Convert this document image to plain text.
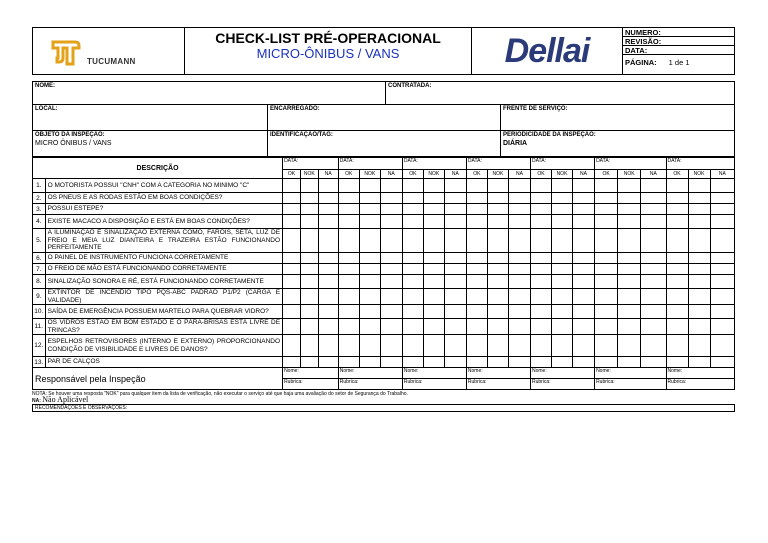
TUCUMANN
CHECK-LIST PRÉ-OPERACIONAL
MICRO-ÔNIBUS / VANS	Dellai	NUMERO:
REVISÃO:
DATA:
PÁGINA: 1 de 1
NOME:	CONTRATADA:
LOCAL:	ENCARREGADO:	FRENTE DE SERVIÇO:
OBJETO DA INSPEÇÃO:
MICRO ÔNIBUS / VANS
IDENTIFICAÇÃO/TAG:	PERIODICIDADE DA INSPEÇÃO:
DIÁRIA
DESCRIÇÃO		DATA:			DATA:			DATA:			DATA:			DATA:			DATA:			DATA:		
		OK	NOK	NA	OK	NOK	NA	OK	NOK	NA	OK	NOK	NA	OK	NOK	NA	OK	NOK	NA	OK	NOK	NA
1.	O MOTORISTA POSSUI "CNH" COM A CATEGORIA NO MINIMO "C"																					
2.	OS PNEUS E AS RODAS ESTÃO EM BOAS CONDIÇÕES?																					
3.	POSSUI ESTEPE?																					
4.	EXISTE MACACO A DISPOSIÇÃO E ESTÁ EM BOAS CONDIÇÕES?																					
5.	A ILUMINAÇÃO E SINALIZAÇÃO EXTERNA COMO, FARÓIS, SETA, LUZ DE FREIO E MEIA LUZ DIANTEIRA E TRAZEIRA ESTÃO FUNCIONANDO PERFEITAMENTE																					
6.	O PAINEL DE INSTRUMENTO FUNCIONA CORRETAMENTE																					
7.	O FREIO DE MÃO ESTÁ FUNCIONANDO CORRETAMENTE																					
8.	SINALIZAÇÃO SONORA E RÉ, ESTÁ FUNCIONANDO CORRETAMENTE																					
9.	EXTINTOR DE INCÊNDIO TIPO PQS-ABC PADRÃO P1/P2 (CARGA E VALIDADE)																					
10.	SAÍDA DE EMERGÊNCIA POSSUEM MARTELO PARA QUEBRAR VIDRO?																					
11.	OS VIDROS ESTÃO EM BOM ESTADO E O PÁRA-BRISAS ESTÁ LIVRE DE TRINCAS?																					
12.	ESPELHOS RETROVISORES (INTERNO E EXTERNO) PROPORCIONANDO CONDIÇÃO DE VISIBILIDADE E LIVRES DE DANOS?																					
13.	PAR DE CALÇOS																					
Responsável pela Inspeção		Nome:			Nome:			Nome:			Nome:			Nome:			Nome:			Nome:		
		Rubrica:			Rubrica:			Rubrica:			Rubrica:			Rubrica:			Rubrica:			Rubrica:		
NOTA: Se houver uma resposta "NOK" para qualquer item da lista de verificação, não executar o serviço até que haja uma avaliação do setor de Segurança do Trabalho.
NA: Não Aplicável
RECOMENDAÇÕES E OBSERVAÇÕES:
